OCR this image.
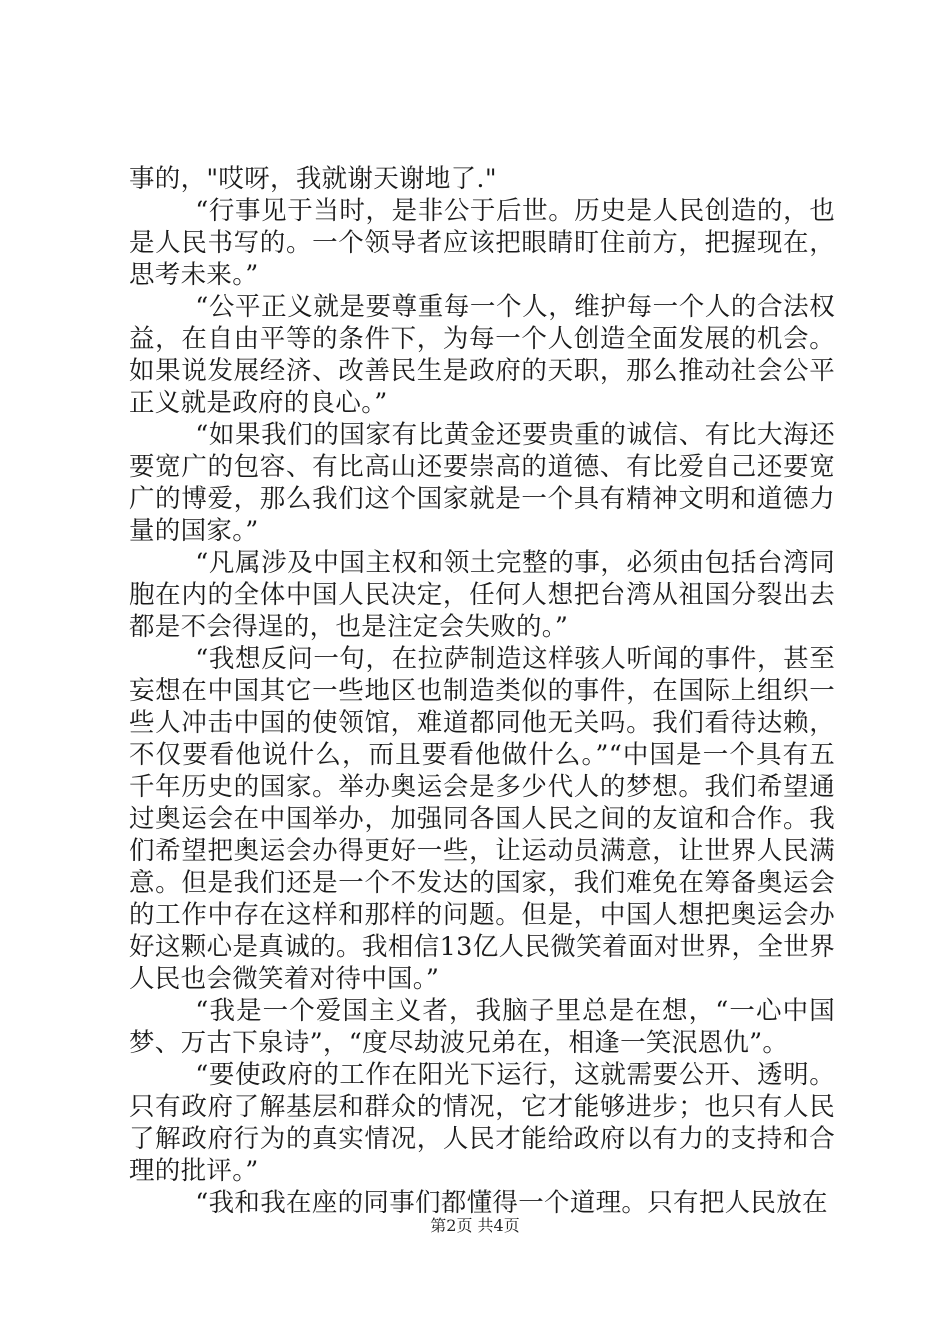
事的，"哎呀，我就谢天谢地了."

“行事见于当时，是非公于后世。历史是人民创造的，也是人民书写的。一个领导者应该把眼睛盯住前方，把握现在，思考未来。”

“公平正义就是要尊重每一个人，维护每一个人的合法权益，在自由平等的条件下，为每一个人创造全面发展的机会。如果说发展经济、改善民生是政府的天职，那么推动社会公平正义就是政府的良心。”

“如果我们的国家有比黄金还要贵重的诚信、有比大海还要宽广的包容、有比高山还要崇高的道德、有比爱自己还要宽广的博爱，那么我们这个国家就是一个具有精神文明和道德力量的国家。”

“凡属涉及中国主权和领土完整的事，必须由包括台湾同胞在内的全体中国人民决定，任何人想把台湾从祖国分裂出去都是不会得逞的，也是注定会失败的。”

“我想反问一句，在拉萨制造这样骇人听闻的事件，甚至妄想在中国其它一些地区也制造类似的事件，在国际上组织一些人冲击中国的使领馆，难道都同他无关吗。我们看待达赖，不仅要看他说什么，而且要看他做什么。”“中国是一个具有五千年历史的国家。举办奥运会是多少代人的梦想。我们希望通过奥运会在中国举办，加强同各国人民之间的友谊和合作。我们希望把奥运会办得更好一些，让运动员满意，让世界人民满意。但是我们还是一个不发达的国家，我们难免在筹备奥运会的工作中存在这样和那样的问题。但是，中国人想把奥运会办好这颗心是真诚的。我相信13亿人民微笑着面对世界，全世界人民也会微笑着对待中国。”

“我是一个爱国主义者，我脑子里总是在想，“一心中国梦、万古下泉诗”，“度尽劫波兄弟在，相逢一笑泯恩仇”。

“要使政府的工作在阳光下运行，这就需要公开、透明。只有政府了解基层和群众的情况，它才能够进步；也只有人民了解政府行为的真实情况，人民才能给政府以有力的支持和合理的批评。”

“我和我在座的同事们都懂得一个道理。只有把人民放在

第2页 共4页
